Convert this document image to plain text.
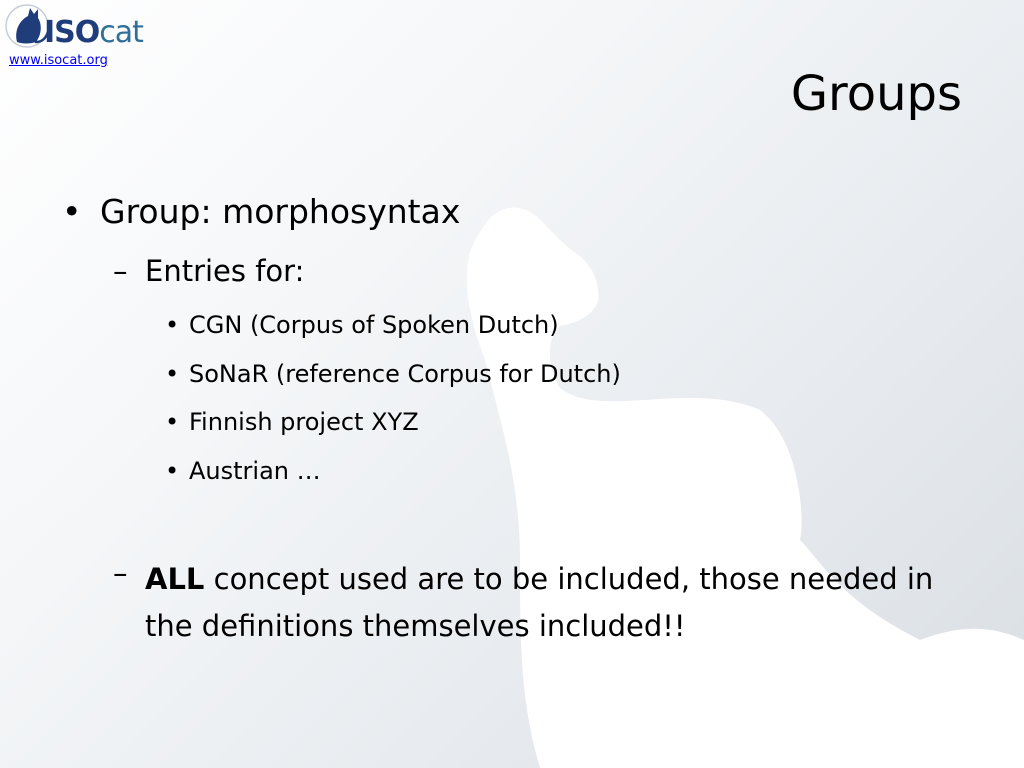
ISOcat
www.isocat.org
Groups
• Group: morphosyntax
– Entries for:
• CGN (Corpus of Spoken Dutch)
• SoNaR (reference Corpus for Dutch)
• Finnish project XYZ
• Austrian …
– ALL concept used are to be included, those needed in the definitions themselves included!!
